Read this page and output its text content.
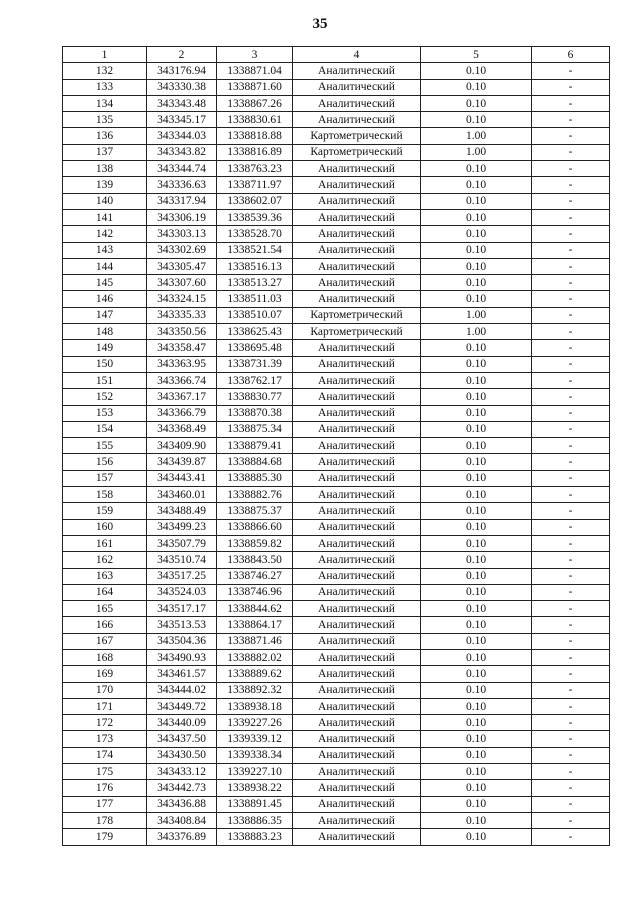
35
1	2	3	4	5	6
132	343176.94	1338871.04	Аналитический	0.10	-
133	343330.38	1338871.60	Аналитический	0.10	-
134	343343.48	1338867.26	Аналитический	0.10	-
135	343345.17	1338830.61	Аналитический	0.10	-
136	343344.03	1338818.88	Картометрический	1.00	-
137	343343.82	1338816.89	Картометрический	1.00	-
138	343344.74	1338763.23	Аналитический	0.10	-
139	343336.63	1338711.97	Аналитический	0.10	-
140	343317.94	1338602.07	Аналитический	0.10	-
141	343306.19	1338539.36	Аналитический	0.10	-
142	343303.13	1338528.70	Аналитический	0.10	-
143	343302.69	1338521.54	Аналитический	0.10	-
144	343305.47	1338516.13	Аналитический	0.10	-
145	343307.60	1338513.27	Аналитический	0.10	-
146	343324.15	1338511.03	Аналитический	0.10	-
147	343335.33	1338510.07	Картометрический	1.00	-
148	343350.56	1338625.43	Картометрический	1.00	-
149	343358.47	1338695.48	Аналитический	0.10	-
150	343363.95	1338731.39	Аналитический	0.10	-
151	343366.74	1338762.17	Аналитический	0.10	-
152	343367.17	1338830.77	Аналитический	0.10	-
153	343366.79	1338870.38	Аналитический	0.10	-
154	343368.49	1338875.34	Аналитический	0.10	-
155	343409.90	1338879.41	Аналитический	0.10	-
156	343439.87	1338884.68	Аналитический	0.10	-
157	343443.41	1338885.30	Аналитический	0.10	-
158	343460.01	1338882.76	Аналитический	0.10	-
159	343488.49	1338875.37	Аналитический	0.10	-
160	343499.23	1338866.60	Аналитический	0.10	-
161	343507.79	1338859.82	Аналитический	0.10	-
162	343510.74	1338843.50	Аналитический	0.10	-
163	343517.25	1338746.27	Аналитический	0.10	-
164	343524.03	1338746.96	Аналитический	0.10	-
165	343517.17	1338844.62	Аналитический	0.10	-
166	343513.53	1338864.17	Аналитический	0.10	-
167	343504.36	1338871.46	Аналитический	0.10	-
168	343490.93	1338882.02	Аналитический	0.10	-
169	343461.57	1338889.62	Аналитический	0.10	-
170	343444.02	1338892.32	Аналитический	0.10	-
171	343449.72	1338938.18	Аналитический	0.10	-
172	343440.09	1339227.26	Аналитический	0.10	-
173	343437.50	1339339.12	Аналитический	0.10	-
174	343430.50	1339338.34	Аналитический	0.10	-
175	343433.12	1339227.10	Аналитический	0.10	-
176	343442.73	1338938.22	Аналитический	0.10	-
177	343436.88	1338891.45	Аналитический	0.10	-
178	343408.84	1338886.35	Аналитический	0.10	-
179	343376.89	1338883.23	Аналитический	0.10	-
